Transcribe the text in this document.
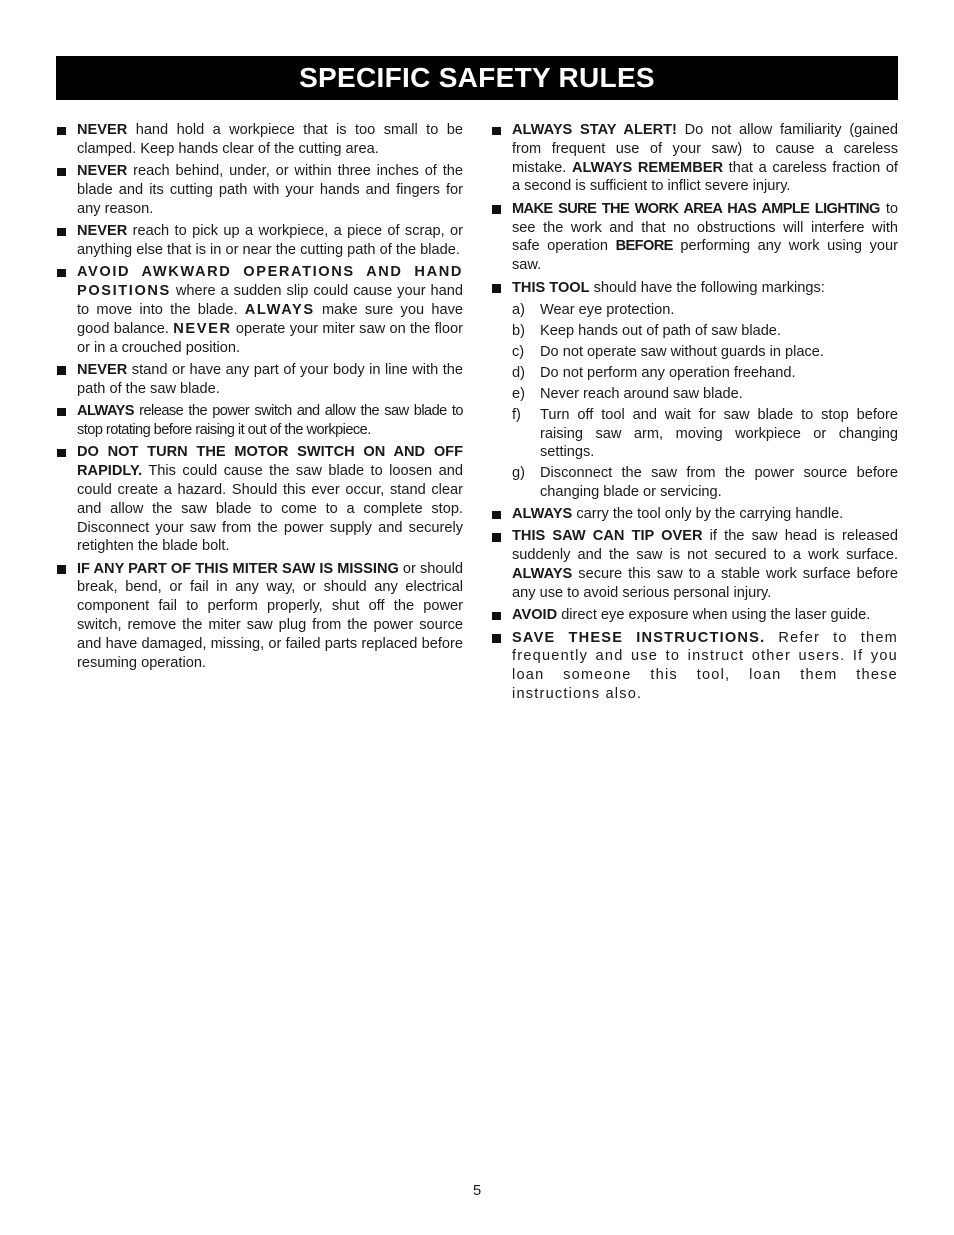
SPECIFIC SAFETY RULES
NEVER hand hold a workpiece that is too small to be clamped. Keep hands clear of the cutting area.
NEVER reach behind, under, or within three inches of the blade and its cutting path with your hands and fingers for any reason.
NEVER reach to pick up a workpiece, a piece of scrap, or anything else that is in or near the cutting path of the blade.
AVOID AWKWARD OPERATIONS AND HAND POSITIONS where a sudden slip could cause your hand to move into the blade. ALWAYS make sure you have good balance. NEVER operate your miter saw on the floor or in a crouched position.
NEVER stand or have any part of your body in line with the path of the saw blade.
ALWAYS release the power switch and allow the saw blade to stop rotating before raising it out of the workpiece.
DO NOT TURN THE MOTOR SWITCH ON AND OFF RAPIDLY. This could cause the saw blade to loosen and could create a hazard. Should this ever occur, stand clear and allow the saw blade to come to a complete stop. Disconnect your saw from the power supply and securely retighten the blade bolt.
IF ANY PART OF THIS MITER SAW IS MISSING or should break, bend, or fail in any way, or should any electrical component fail to perform properly, shut off the power switch, remove the miter saw plug from the power source and have damaged, missing, or failed parts replaced before resuming operation.
ALWAYS STAY ALERT! Do not allow familiarity (gained from frequent use of your saw) to cause a careless mistake. ALWAYS REMEMBER that a careless fraction of a second is sufficient to inflict severe injury.
MAKE SURE THE WORK AREA HAS AMPLE LIGHTING to see the work and that no obstructions will interfere with safe operation BEFORE performing any work using your saw.
THIS TOOL should have the following markings:
a) Wear eye protection.
b) Keep hands out of path of saw blade.
c) Do not operate saw without guards in place.
d) Do not perform any operation freehand.
e) Never reach around saw blade.
f) Turn off tool and wait for saw blade to stop before raising saw arm, moving workpiece or changing settings.
g) Disconnect the saw from the power source before changing blade or servicing.
ALWAYS carry the tool only by the carrying handle.
THIS SAW CAN TIP OVER if the saw head is released suddenly and the saw is not secured to a work surface. ALWAYS secure this saw to a stable work surface before any use to avoid serious personal injury.
AVOID direct eye exposure when using the laser guide.
SAVE THESE INSTRUCTIONS. Refer to them frequently and use to instruct other users. If you loan someone this tool, loan them these instructions also.
5
